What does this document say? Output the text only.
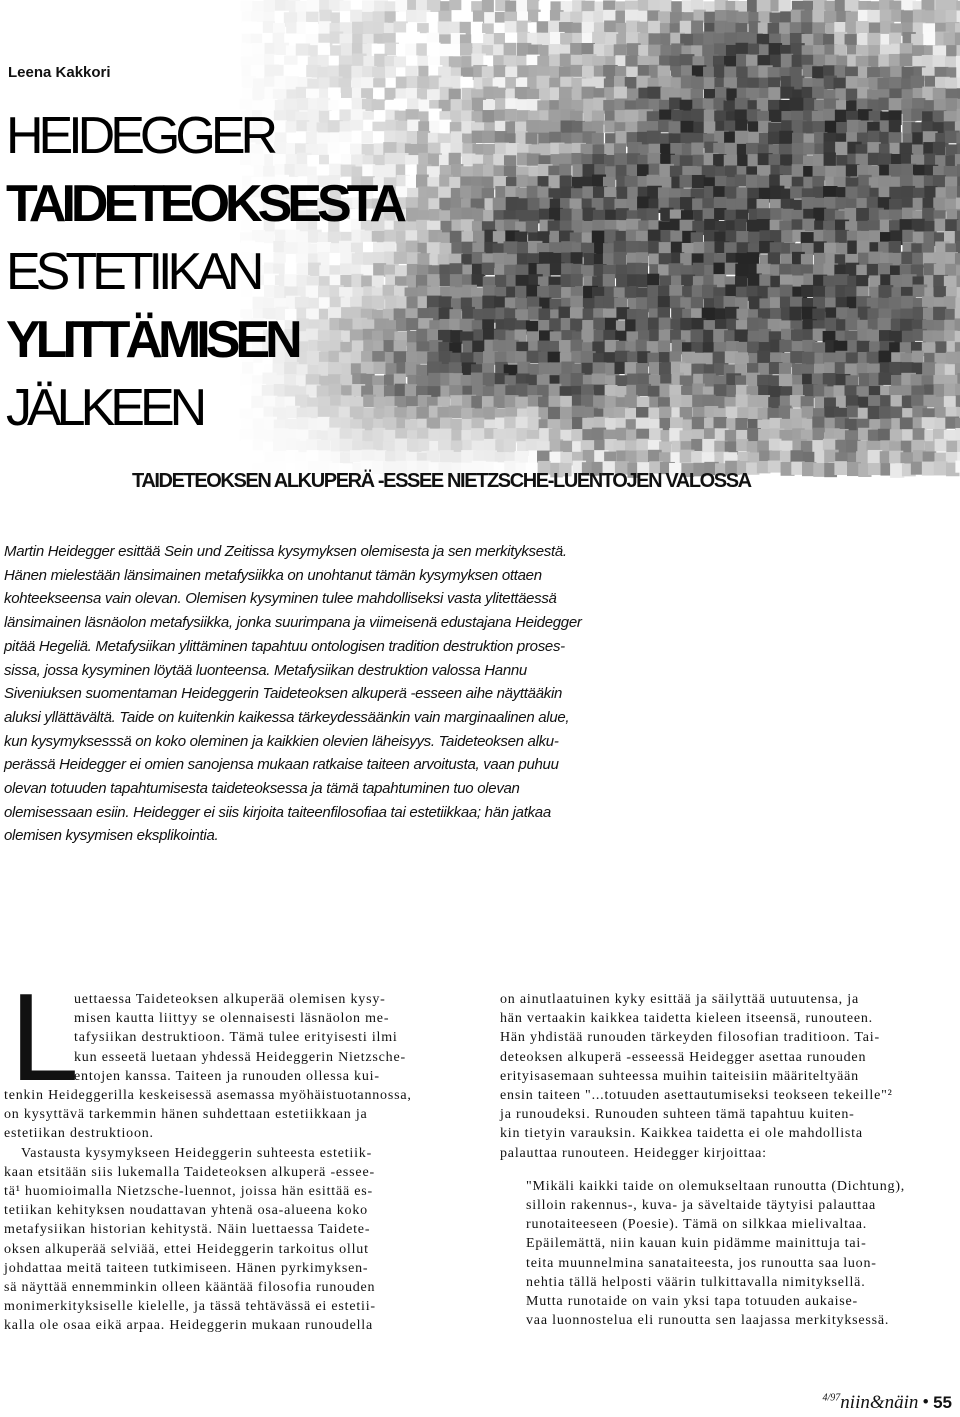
Leena Kakkori
HEIDEGGER
TAIDETEOKSESTA
ESTETIIKAN
YLITTÄMISEN
JÄLKEEN
TAIDETEOKSEN ALKUPERÄ -ESSEE NIETZSCHE-LUENTOJEN VALOSSA

Martin Heidegger esittää Sein und Zeitissa kysymyksen olemisesta ja sen merkityksestä.
Hänen mielestään länsimainen metafysiikka on unohtanut tämän kysymyksen ottaen
kohteekseensa vain olevan. Olemisen kysyminen tulee mahdolliseksi vasta ylitettäessä
länsimainen läsnäolon metafysiikka, jonka suurimpana ja viimeisenä edustajana Heidegger
pitää Hegeliä. Metafysiikan ylittäminen tapahtuu ontologisen tradition destruktion proses-
sissa, jossa kysyminen löytää luonteensa. Metafysiikan destruktion valossa Hannu
Siveniuksen suomentaman Heideggerin Taideteoksen alkuperä -esseen aihe näyttääkin
aluksi yllättävältä. Taide on kuitenkin kaikessa tärkeydessäänkin vain marginaalinen alue,
kun kysymyksesssä on koko oleminen ja kaikkien olevien läheisyys. Taideteoksen alku-
perässä Heidegger ei omien sanojensa mukaan ratkaise taiteen arvoitusta, vaan puhuu
olevan totuuden tapahtumisesta taideteoksessa ja tämä tapahtuminen tuo olevan
olemisessaan esiin. Heidegger ei siis kirjoita taiteenfilosofiaa tai estetiikkaa; hän jatkaa
olemisen kysymisen eksplikointia.

L
uettaessa Taideteoksen alkuperää olemisen kysy-
misen kautta liittyy se olennaisesti läsnäolon me-
tafysiikan destruktioon. Tämä tulee erityisesti ilmi
kun esseetä luetaan yhdessä Heideggerin Nietzsche-
entojen kanssa. Taiteen ja runouden ollessa kui-
tenkin Heideggerilla keskeisessä asemassa myöhäistuotannossa,
on kysyttävä tarkemmin hänen suhdettaan estetiikkaan ja
estetiikan destruktioon.
Vastausta kysymykseen Heideggerin suhteesta estetiik-
kaan etsitään siis lukemalla Taideteoksen alkuperä -essee-
tä¹ huomioimalla Nietzsche-luennot, joissa hän esittää es-
tetiikan kehityksen noudattavan yhtenä osa-alueena koko
metafysiikan historian kehitystä. Näin luettaessa Taidete-
oksen alkuperää selviää, ettei Heideggerin tarkoitus ollut
johdattaa meitä taiteen tutkimiseen. Hänen pyrkimyksen-
sä näyttää ennemminkin olleen kääntää filosofia runouden
monimerkityksiselle kielelle, ja tässä tehtävässä ei estetii-
kalla ole osaa eikä arpaa. Heideggerin mukaan runoudella
on ainutlaatuinen kyky esittää ja säilyttää uutuutensa, ja
hän vertaakin kaikkea taidetta kieleen itseensä, runouteen.
Hän yhdistää runouden tärkeyden filosofian traditioon. Tai-
deteoksen alkuperä -esseessä Heidegger asettaa runouden
erityisasemaan suhteessa muihin taiteisiin määriteltyään
ensin taiteen "...totuuden asettautumiseksi teokseen tekeille"²
ja runoudeksi. Runouden suhteen tämä tapahtuu kuiten-
kin tietyin varauksin. Kaikkea taidetta ei ole mahdollista
palauttaa runouteen. Heidegger kirjoittaa:
"Mikäli kaikki taide on olemukseltaan runoutta (Dichtung),
silloin rakennus-, kuva- ja säveltaide täytyisi palauttaa
runotaiteeseen (Poesie). Tämä on silkkaa mielivaltaa.
Epäilemättä, niin kauan kuin pidämme mainittuja tai-
teita muunnelmina sanataiteesta, jos runoutta saa luon-
nehtia tällä helposti väärin tulkittavalla nimityksellä.
Mutta runotaide on vain yksi tapa totuuden aukaise-
vaa luonnostelua eli runoutta sen laajassa merkityksessä.
$^{4/97}$niin&näin • 55
